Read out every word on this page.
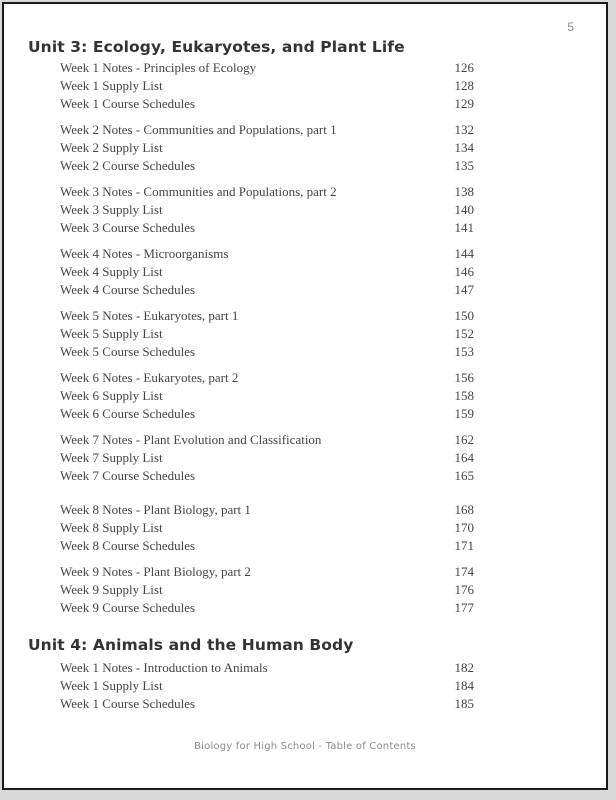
5
Unit 3: Ecology, Eukaryotes, and Plant Life
Week 1 Notes - Principles of Ecology	126
Week 1 Supply List	128
Week 1 Course Schedules	129
Week 2 Notes - Communities and Populations, part 1	132
Week 2 Supply List	134
Week 2 Course Schedules	135
Week 3 Notes - Communities and Populations, part 2	138
Week 3 Supply List	140
Week 3 Course Schedules	141
Week 4 Notes - Microorganisms	144
Week 4 Supply List	146
Week 4 Course Schedules	147
Week 5 Notes - Eukaryotes, part 1	150
Week 5 Supply List	152
Week 5 Course Schedules	153
Week 6 Notes - Eukaryotes, part 2	156
Week 6 Supply List	158
Week 6 Course Schedules	159
Week 7 Notes - Plant Evolution and Classification	162
Week 7 Supply List	164
Week 7 Course Schedules	165
Week 8 Notes - Plant Biology, part 1	168
Week 8 Supply List	170
Week 8 Course Schedules	171
Week 9 Notes - Plant Biology, part 2	174
Week 9 Supply List	176
Week 9 Course Schedules	177
Unit 4: Animals and the Human Body
Week 1 Notes - Introduction to Animals	182
Week 1 Supply List	184
Week 1 Course Schedules	185
Biology for High School - Table of Contents
